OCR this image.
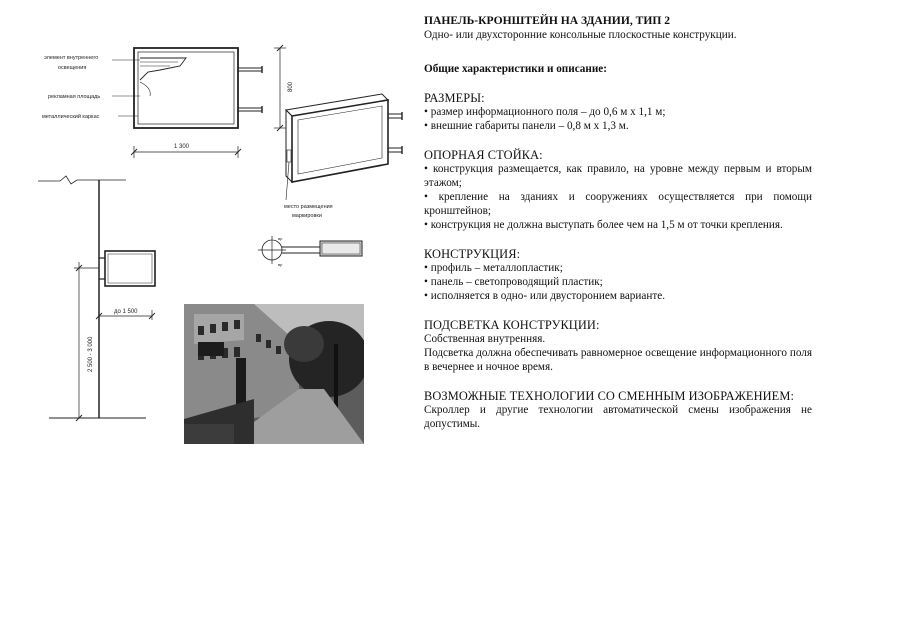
элемент внутреннего
освещения
рекламная площадь
металлический каркас
1 300
800
место размещения
маркировки
вр
вр
до 1 500
2 500 - 3 000

ПАНЕЛЬ-КРОНШТЕЙН НА ЗДАНИИ, ТИП 2

Одно- или двухсторонние консольные плоскостные конструкции.

Общие характеристики и описание:

РАЗМЕРЫ:

• размер информационного поля – до 0,6 м х 1,1 м;

• внешние габариты панели – 0,8 м х 1,3 м.

ОПОРНАЯ СТОЙКА:

• конструкция размещается, как правило, на уровне между первым и вторым этажом;

• крепление на зданиях и сооружениях осуществляется при помощи кронштейнов;

• конструкция не должна выступать более чем на 1,5 м от точки крепления.

КОНСТРУКЦИЯ:

• профиль – металлопластик;

• панель – светопроводящий пластик;

• исполняется в одно- или двусторонием варианте.

ПОДСВЕТКА КОНСТРУКЦИИ:

Собственная внутренняя.

Подсветка должна обеспечивать равномерное освещение информационного поля в вечернее и ночное время.

ВОЗМОЖНЫЕ ТЕХНОЛОГИИ СО СМЕННЫМ ИЗОБРАЖЕНИЕМ:

Скроллер и другие технологии автоматической смены изображения не допустимы.
